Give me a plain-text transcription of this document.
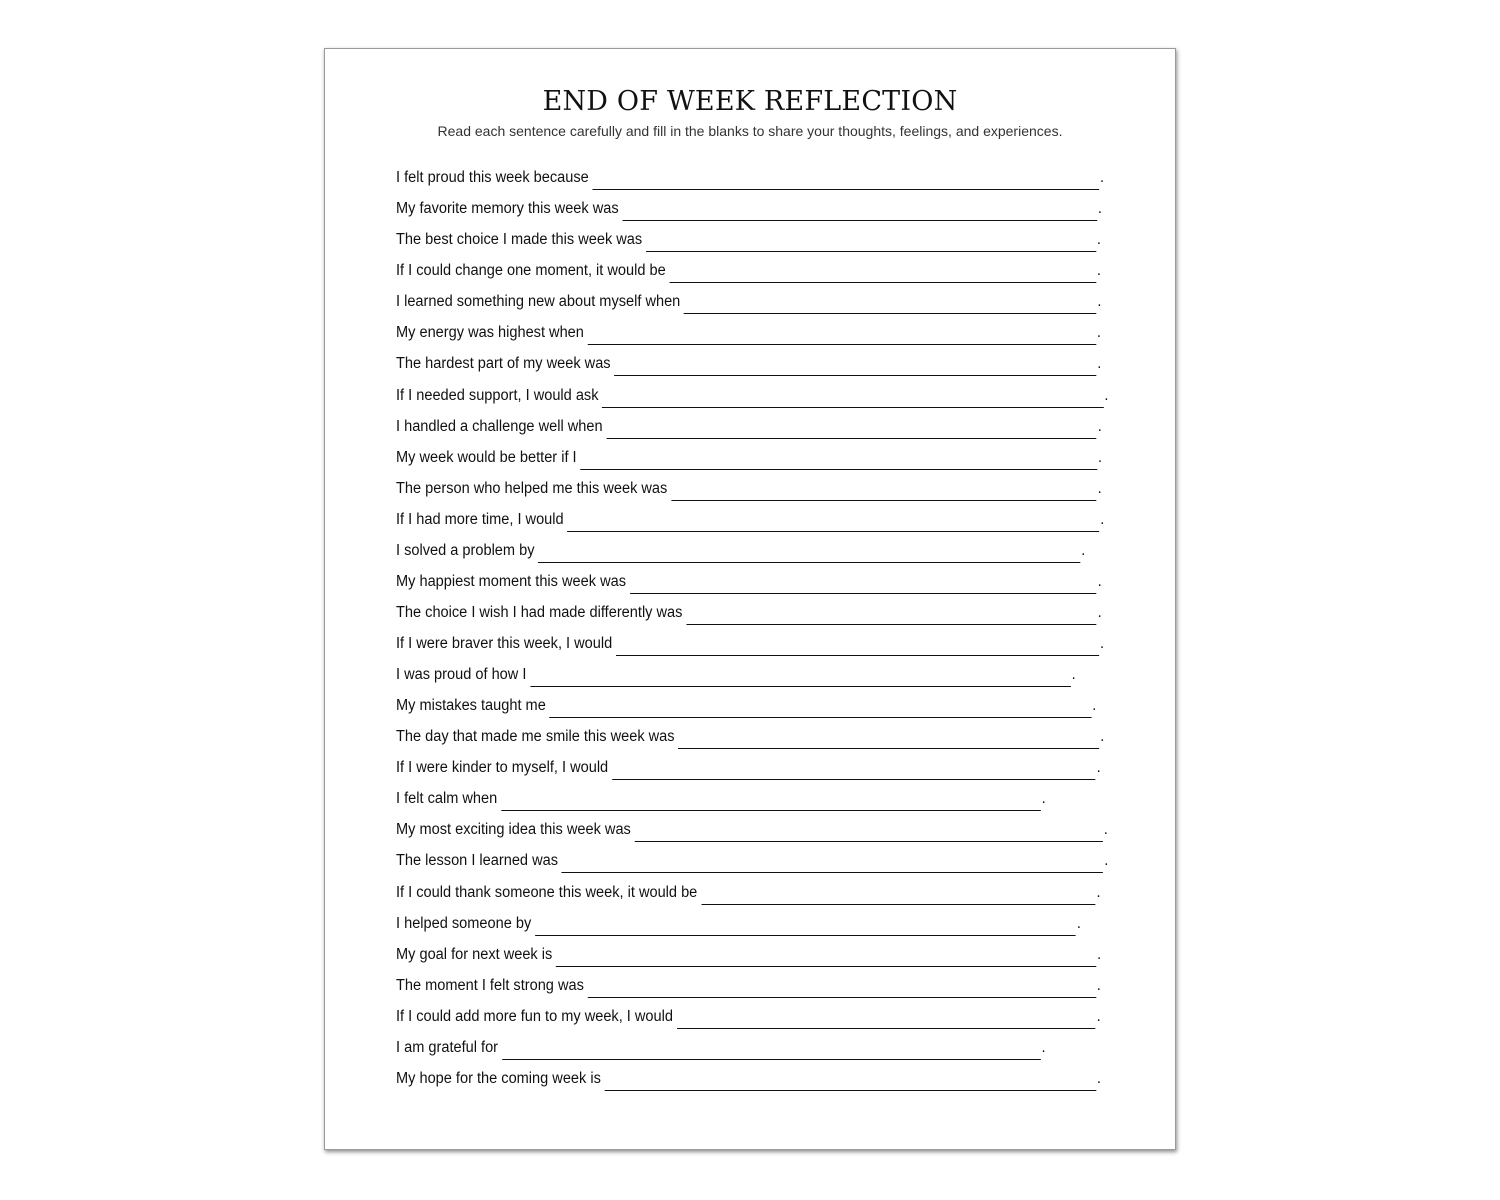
END OF WEEK REFLECTION

Read each sentence carefully and fill in the blanks to share your thoughts, feelings, and experiences.

I felt proud this week because	.
My favorite memory this week was	.
The best choice I made this week was	.
If I could change one moment, it would be	.
I learned something new about myself when	.
My energy was highest when	.
The hardest part of my week was	.
If I needed support, I would ask	.
I handled a challenge well when	.
My week would be better if I	.
The person who helped me this week was	.
If I had more time, I would	.
I solved a problem by	.
My happiest moment this week was	.
The choice I wish I had made differently was	.
If I were braver this week, I would	.
I was proud of how I	.
My mistakes taught me	.
The day that made me smile this week was	.
If I were kinder to myself, I would	.
I felt calm when	.
My most exciting idea this week was	.
The lesson I learned was	.
If I could thank someone this week, it would be	.
I helped someone by	.
My goal for next week is	.
The moment I felt strong was	.
If I could add more fun to my week, I would	.
I am grateful for	.
My hope for the coming week is	.
